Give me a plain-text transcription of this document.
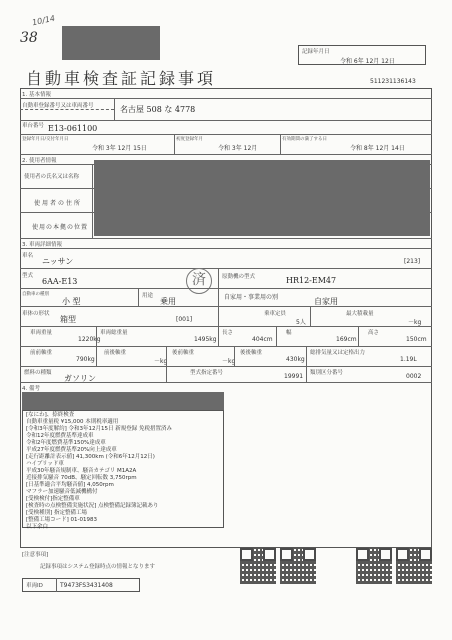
38
10/14
記録年月日
令和 6年 12月 12日
自動車検査証記録事項	511231136143
1. 基本情報
自動車登録番号又は車両番号	名古屋 508 な 4778
車台番号 E13-061100
登録年月日/交付年月日
令和 3年 12月 15日
初度登録年月
令和 3年 12月
有効期間の満了する日
令和 8年 12月 14日
2. 使用者情報
使用者の氏名又は名称
使用者の住所
使用の本拠の位置
3. 車両詳細情報
車名
ニッサン	[213]
型式
6AA-E13	済	原動機の型式	HR12-EM47
自動車の種別
小 型
用途
乗用	自家用・事業用の別	自家用
車体の形状
箱型	[001]
乗車定員
5人
最大積載量
－kg
車両重量
1220kg
車両総重量
1495kg
長さ
404cm
幅
169cm
高さ
150cm
前前軸重
790kg
前後軸重
－kg
後前軸重
－kg
後後軸重
430kg
総排気量又は定格出力
1.19L
燃料の種類
ガソリン
型式指定番号	19991 類別区分番号	0002
4. 備考
[なにわ]、捺終検査
自動車重量税 ¥15,000 本則税率適用
[令和3年度解約] 令和3年12月15日 新規登録 免税措置済み
令和12年度燃費基準達成車
令和2年度燃費基準150%達成車
平成27年度燃費基準20%向上達成車
[走行距離計表示値] 41,300km (令和6年12月12日)
ハイブリッド車
平成30年騒音規制車、騒音カテゴリ M1A2A
近接排気騒音 70dB、騒定回転数 3,750rpm
[日基準適合平均騒音値] 4,050rpm
マフラー加速騒音低減機構付
[受検検付]指定整備車
[検査時の点検整備実施状況] 点検整備記録簿記載あり
[受検種別] 指定整備工場
[整備工場コード] 01-01983
以下余白
[注意事項]
記録事項はシステム登録時点の情報となります
車両ID	T9473FS3431408
